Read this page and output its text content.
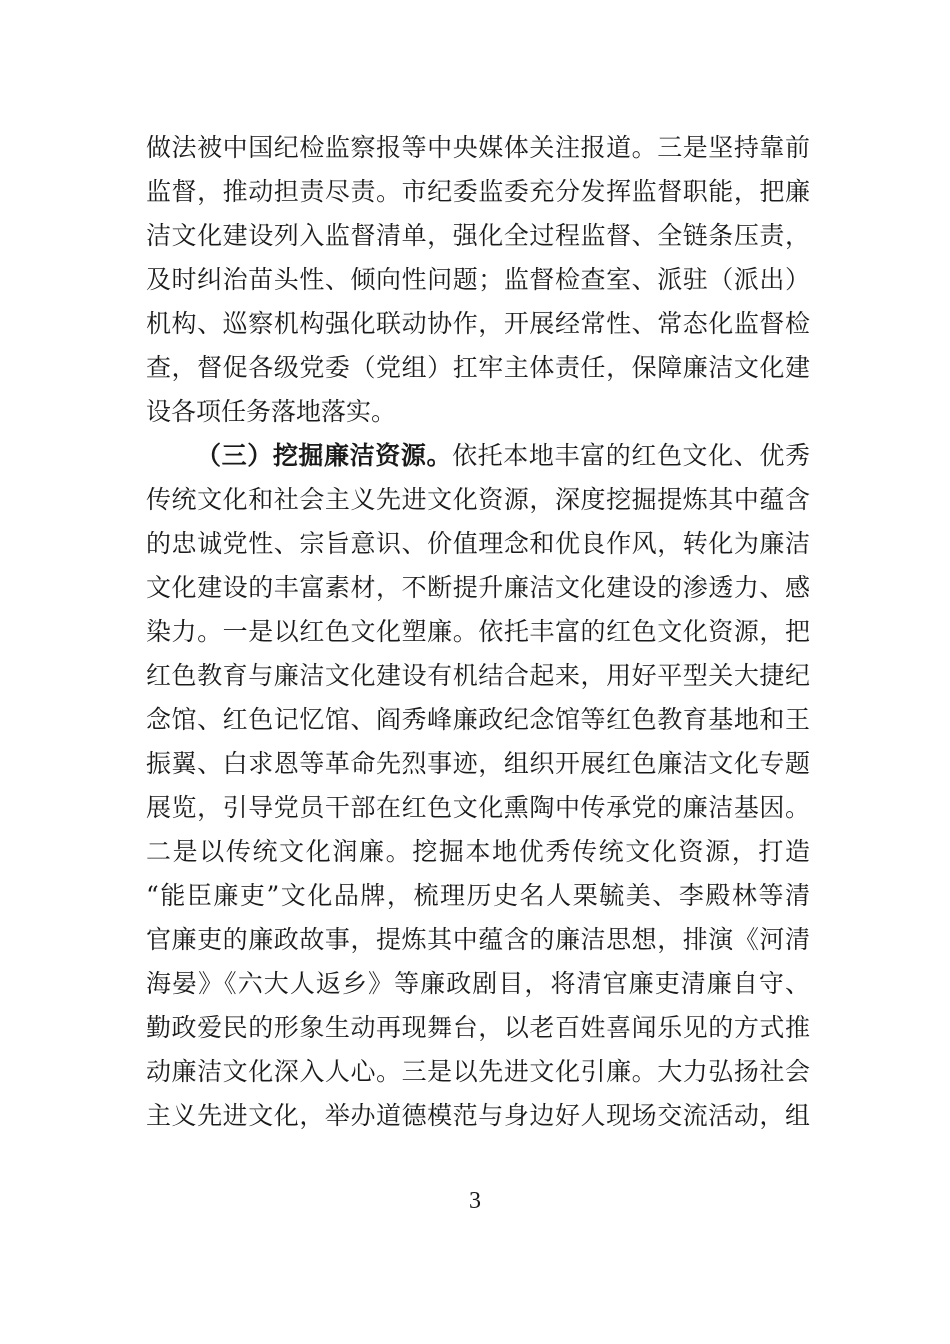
做法被中国纪检监察报等中央媒体关注报道。三是坚持靠前
监督，推动担责尽责。市纪委监委充分发挥监督职能，把廉
洁文化建设列入监督清单，强化全过程监督、全链条压责，
及时纠治苗头性、倾向性问题；监督检查室、派驻（派出）
机构、巡察机构强化联动协作，开展经常性、常态化监督检
查，督促各级党委（党组）扛牢主体责任，保障廉洁文化建
设各项任务落地落实。
（三）挖掘廉洁资源。依托本地丰富的红色文化、优秀
传统文化和社会主义先进文化资源，深度挖掘提炼其中蕴含
的忠诚党性、宗旨意识、价值理念和优良作风，转化为廉洁
文化建设的丰富素材，不断提升廉洁文化建设的渗透力、感
染力。一是以红色文化塑廉。依托丰富的红色文化资源，把
红色教育与廉洁文化建设有机结合起来，用好平型关大捷纪
念馆、红色记忆馆、阎秀峰廉政纪念馆等红色教育基地和王
振翼、白求恩等革命先烈事迹，组织开展红色廉洁文化专题
展览，引导党员干部在红色文化熏陶中传承党的廉洁基因。
二是以传统文化润廉。挖掘本地优秀传统文化资源，打造
“能臣廉吏”文化品牌，梳理历史名人栗毓美、李殿林等清
官廉吏的廉政故事，提炼其中蕴含的廉洁思想，排演《河清
海晏》《六大人返乡》等廉政剧目，将清官廉吏清廉自守、
勤政爱民的形象生动再现舞台，以老百姓喜闻乐见的方式推
动廉洁文化深入人心。三是以先进文化引廉。大力弘扬社会
主义先进文化，举办道德模范与身边好人现场交流活动，组
3
